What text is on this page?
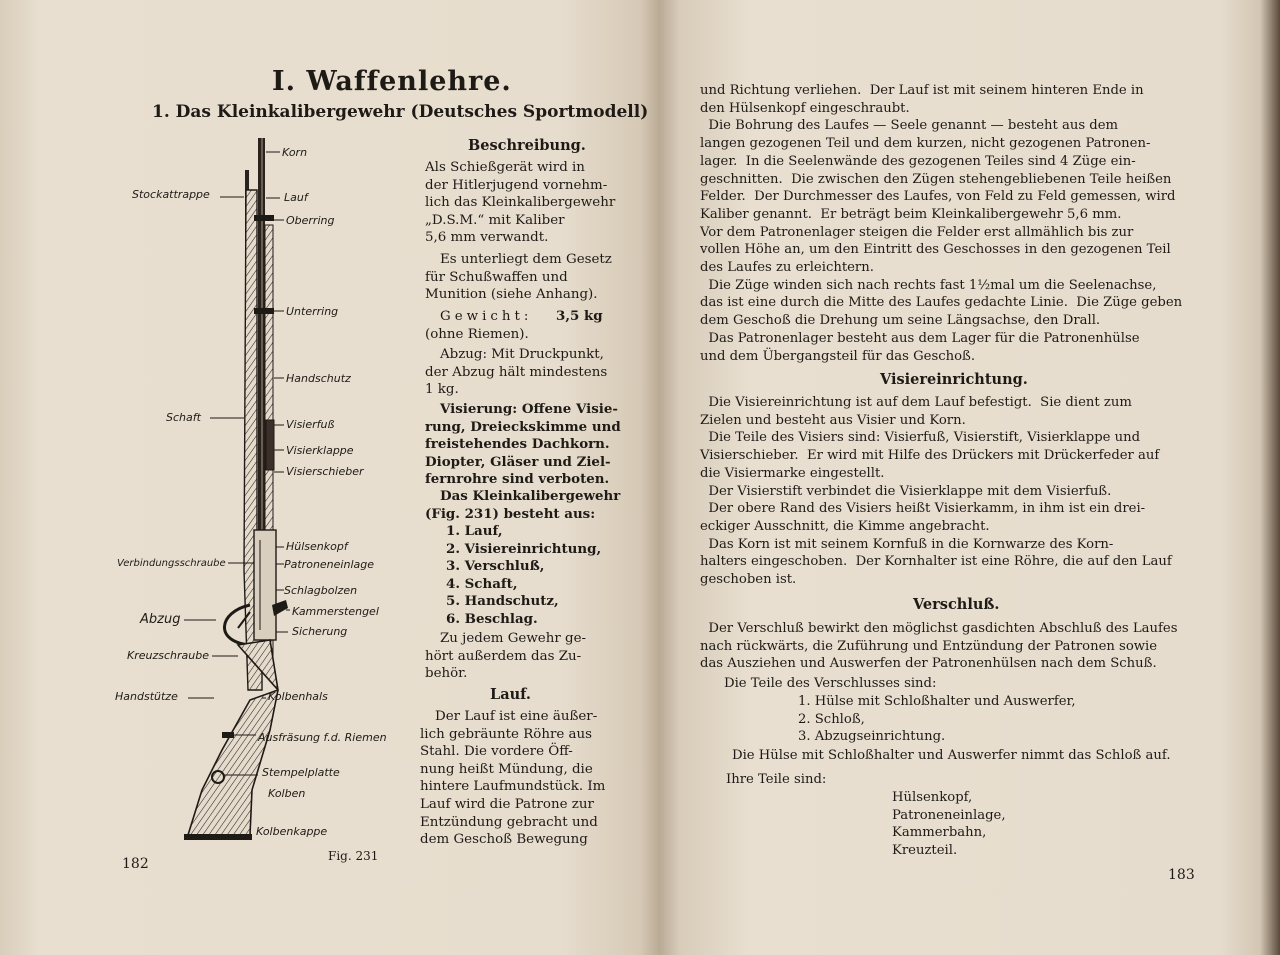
I. Waffenlehre.
1. Das Kleinkalibergewehr (Deutsches Sportmodell)
Korn
Stockattrappe	Lauf
Oberring
Unterring
Handschutz
Schaft
Visierfuß
Visierklappe
Visierschieber
Hülsenkopf
Verbindungsschraube	Patroneneinlage
Schlagbolzen
Kammerstengel
Abzug
Sicherung
Kreuzschraube
Handstütze	Kolbenhals
Ausfräsung f.d. Riemen
Stempelplatte
Kolben
Kolbenkappe
Fig. 231
182
Beschreibung.
Als Schießgerät wird in
der Hitlerjugend vornehm-
lich das Kleinkalibergewehr
„D.S.M.“ mit Kaliber
5,6 mm verwandt.
Es unterliegt dem Gesetz
für Schußwaffen und
Munition (siehe Anhang).
Gewicht: 3,5 kg
(ohne Riemen).
Abzug: Mit Druckpunkt,
der Abzug hält mindestens
1 kg.
Visierung: Offene Visie-
rung, Dreieckskimme und
freistehendes Dachkorn.
Diopter, Gläser und Ziel-
fernrohre sind verboten.
Das Kleinkalibergewehr
(Fig. 231) besteht aus:
1. Lauf,
2. Visiereinrichtung,
3. Verschluß,
4. Schaft,
5. Handschutz,
6. Beschlag.
Zu jedem Gewehr ge-
hört außerdem das Zu-
behör.
Lauf.
Der Lauf ist eine äußer-
lich gebräunte Röhre aus
Stahl. Die vordere Öff-
nung heißt Mündung, die
hintere Laufmundstück. Im
Lauf wird die Patrone zur
Entzündung gebracht und
dem Geschoß Bewegung
und Richtung verliehen.  Der Lauf ist mit seinem hinteren Ende in
den Hülsenkopf eingeschraubt.
Die Bohrung des Laufes — Seele genannt — besteht aus dem
langen gezogenen Teil und dem kurzen, nicht gezogenen Patronen-
lager.  In die Seelenwände des gezogenen Teiles sind 4 Züge ein-
geschnitten.  Die zwischen den Zügen stehengebliebenen Teile heißen
Felder.  Der Durchmesser des Laufes, von Feld zu Feld gemessen, wird
Kaliber genannt.  Er beträgt beim Kleinkalibergewehr 5,6 mm.
Vor dem Patronenlager steigen die Felder erst allmählich bis zur
vollen Höhe an, um den Eintritt des Geschosses in den gezogenen Teil
des Laufes zu erleichtern.
Die Züge winden sich nach rechts fast 1½mal um die Seelenachse,
das ist eine durch die Mitte des Laufes gedachte Linie.  Die Züge geben
dem Geschoß die Drehung um seine Längsachse, den Drall.
Das Patronenlager besteht aus dem Lager für die Patronenhülse
und dem Übergangsteil für das Geschoß.
Visiereinrichtung.
Die Visiereinrichtung ist auf dem Lauf befestigt.  Sie dient zum
Zielen und besteht aus Visier und Korn.
Die Teile des Visiers sind: Visierfuß, Visierstift, Visierklappe und
Visierschieber.  Er wird mit Hilfe des Drückers mit Drückerfeder auf
die Visiermarke eingestellt.
Der Visierstift verbindet die Visierklappe mit dem Visierfuß.
Der obere Rand des Visiers heißt Visierkamm, in ihm ist ein drei-
eckiger Ausschnitt, die Kimme angebracht.
Das Korn ist mit seinem Kornfuß in die Kornwarze des Korn-
halters eingeschoben.  Der Kornhalter ist eine Röhre, die auf den Lauf
geschoben ist.
Verschluß.
Der Verschluß bewirkt den möglichst gasdichten Abschluß des Laufes
nach rückwärts, die Zuführung und Entzündung der Patronen sowie
das Ausziehen und Auswerfen der Patronenhülsen nach dem Schuß.
Die Teile des Verschlusses sind:
1. Hülse mit Schloßhalter und Auswerfer,
2. Schloß,
3. Abzugseinrichtung.
Die Hülse mit Schloßhalter und Auswerfer nimmt das Schloß auf.
Ihre Teile sind:
Hülsenkopf,
Patroneneinlage,
Kammerbahn,
Kreuzteil.
183
